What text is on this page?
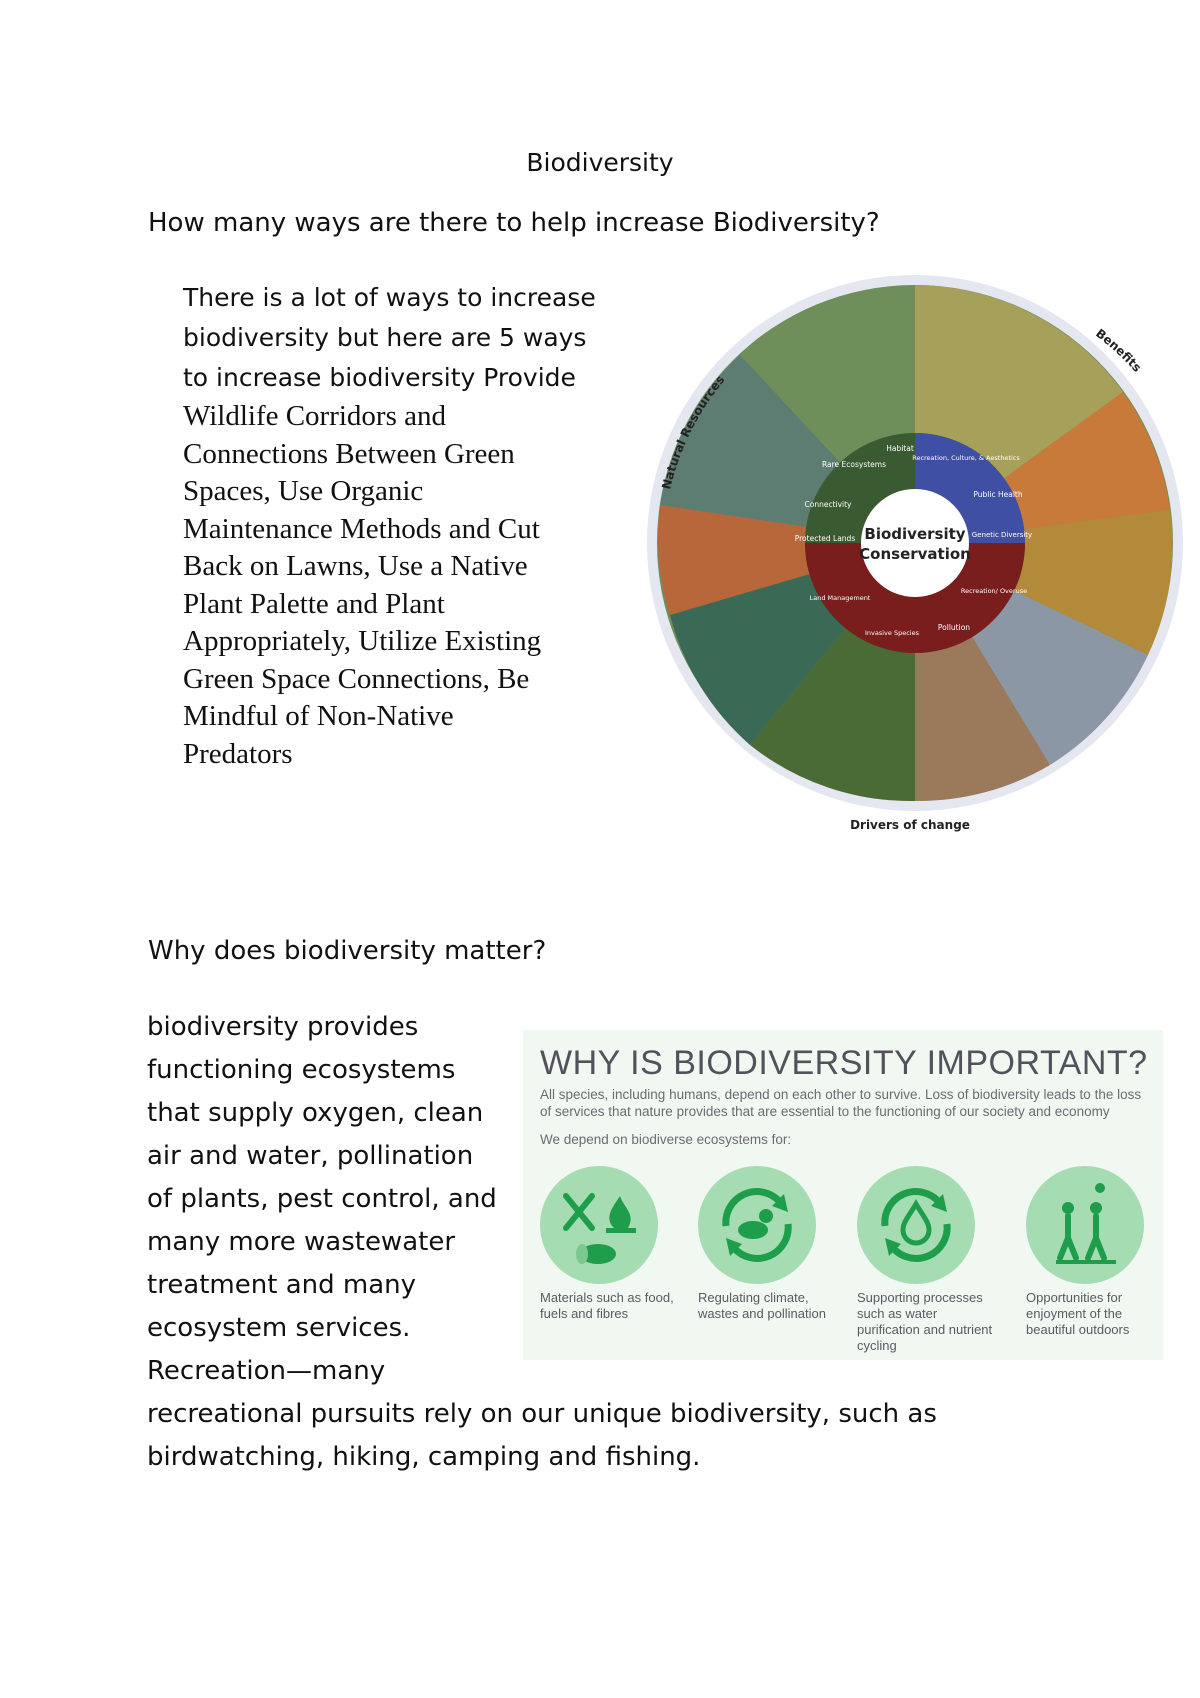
Biodiversity
How many ways are there to help increase Biodiversity?
There is a lot of ways to increase
biodiversity but here are 5 ways
to increase biodiversity Provide
Wildlife Corridors and
Connections Between Green
Spaces, Use Organic
Maintenance Methods and Cut
Back on Lawns, Use a Native
Plant Palette and Plant
Appropriately, Utilize Existing
Green Space Connections, Be
Mindful of Non-Native
Predators
Biodiversity
Conservation
Rare Ecosystems
Habitat
Connectivity
Protected Lands
Recreation, Culture, & Aesthetics
Public Health
Genetic Diversity
Recreation/ Overuse
Pollution
Invasive Species
Land Management
Natural Resources
Benefits
Drivers of change
Why does biodiversity matter?
biodiversity provides
functioning ecosystems
that supply oxygen, clean
air and water, pollination
of plants, pest control, and
many more wastewater
treatment and many
ecosystem services.
Recreation—many
recreational pursuits rely on our unique biodiversity, such as
birdwatching, hiking, camping and fishing.
WHY IS BIODIVERSITY IMPORTANT?
All species, including humans, depend on each other to survive. Loss of biodiversity leads to the loss of services that nature provides that are essential to the functioning of our society and economy
We depend on biodiverse ecosystems for:
Materials such as food, fuels and fibres
Regulating climate, wastes and pollination
Supporting processes such as water purification and nutrient cycling
Opportunities for enjoyment of the beautiful outdoors
